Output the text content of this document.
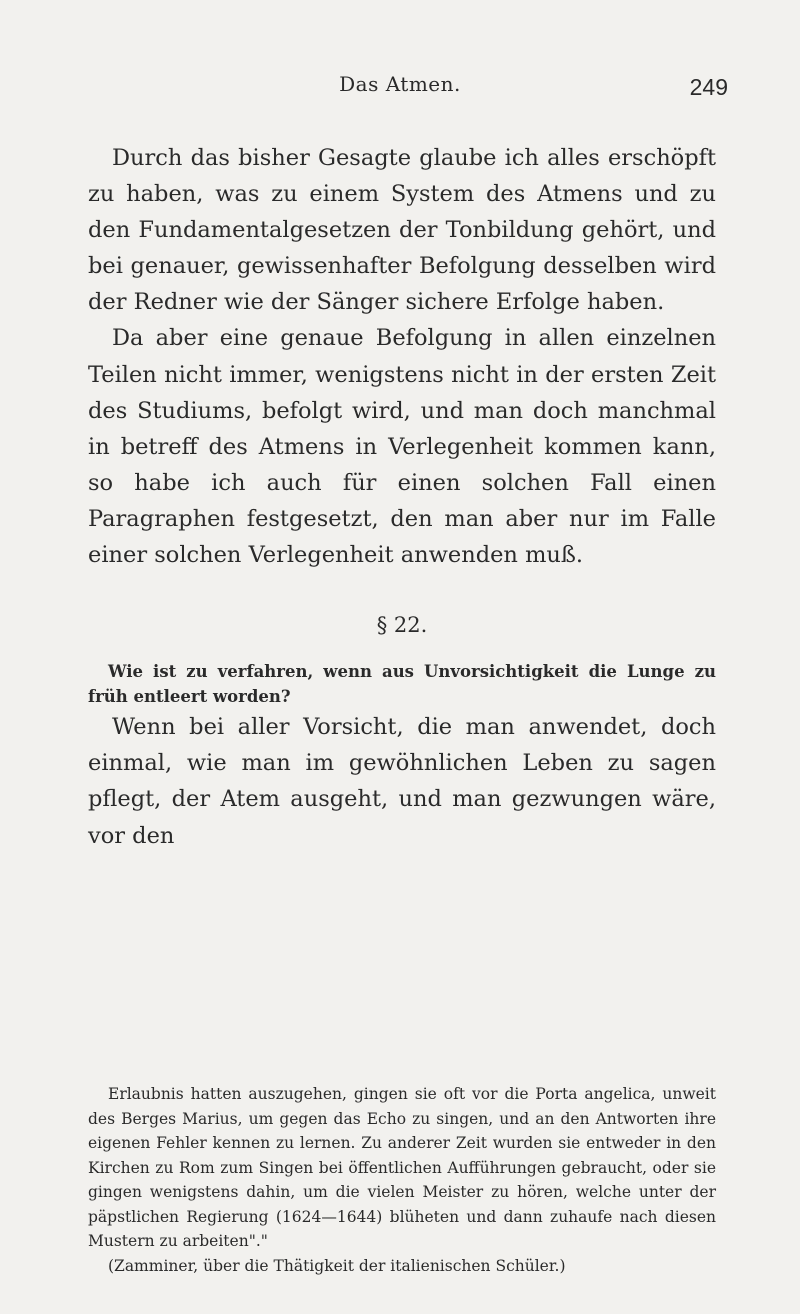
Das Atmen.	249

Durch das bisher Gesagte glaube ich alles erschöpft zu haben, was zu einem System des Atmens und zu den Fundamentalgesetzen der Tonbildung gehört, und bei genauer, gewissenhafter Befolgung desselben wird der Redner wie der Sänger sichere Erfolge haben.

Da aber eine genaue Befolgung in allen einzelnen Teilen nicht immer, wenigstens nicht in der ersten Zeit des Studiums, befolgt wird, und man doch manchmal in betreff des Atmens in Verlegenheit kommen kann, so habe ich auch für einen solchen Fall einen Paragraphen festgesetzt, den man aber nur im Falle einer solchen Verlegenheit anwenden muß.

§ 22.

Wie ist zu verfahren, wenn aus Unvorsichtigkeit die Lunge zu früh entleert worden?

Wenn bei aller Vorsicht, die man anwendet, doch einmal, wie man im gewöhnlichen Leben zu sagen pflegt, der Atem ausgeht, und man gezwungen wäre, vor den

Erlaubnis hatten auszugehen, gingen sie oft vor die Porta angelica, unweit des Berges Marius, um gegen das Echo zu singen, und an den Antworten ihre eigenen Fehler kennen zu lernen. Zu anderer Zeit wurden sie entweder in den Kirchen zu Rom zum Singen bei öffentlichen Aufführungen gebraucht, oder sie gingen wenigstens dahin, um die vielen Meister zu hören, welche unter der päpstlichen Regierung (1624—1644) blüheten und dann zuhaufe nach diesen Mustern zu arbeiten"."

(Zamminer, über die Thätigkeit der italienischen Schüler.)
